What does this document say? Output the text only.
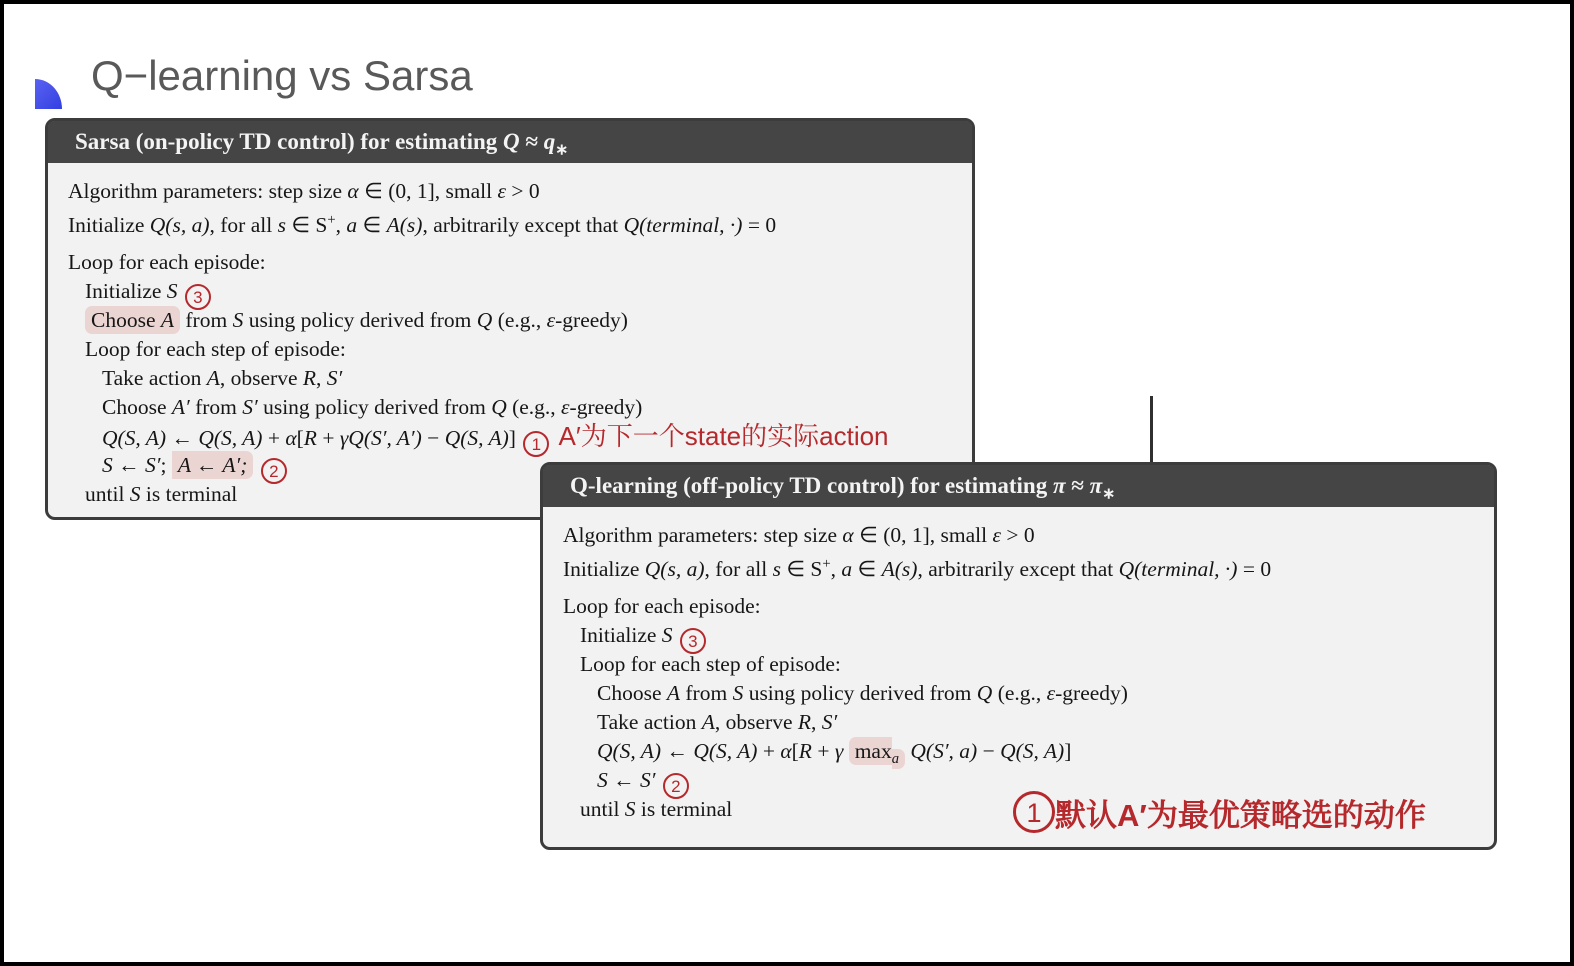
Q−learning vs Sarsa
Sarsa (on-policy TD control) for estimating $Q \approx q_∗$
Algorithm parameters: step size α ∈ (0, 1], small ε > 0
Initialize Q(s, a), for all s ∈ S+, a ∈ A(s), arbitrarily except that Q(terminal, ·) = 0
Loop for each episode:
Initialize S 3
Choose A from S using policy derived from Q (e.g., ε-greedy)
Loop for each step of episode:
Take action A, observe R, S′
Choose A′ from S′ using policy derived from Q (e.g., ε-greedy)
Q(S, A) ← Q(S, A) + α[R + γQ(S′, A′) − Q(S, A)] 1 A′为下一个state的实际action
S ← S′; A ← A′; 2
until S is terminal	Q-learning (off-policy TD control) for estimating $\pi \approx \pi_∗$
Algorithm parameters: step size α ∈ (0, 1], small ε > 0
Initialize Q(s, a), for all s ∈ S+, a ∈ A(s), arbitrarily except that Q(terminal, ·) = 0
Loop for each episode:
Initialize S 3
Loop for each step of episode:
Choose A from S using policy derived from Q (e.g., ε-greedy)
Take action A, observe R, S′
Q(S, A) ← Q(S, A) + α[R + γ $\max_a Q(S'$, a) − Q(S, A)]
S ← S′ 2
until S is terminal	1 默认A′为最优策略选的动作
